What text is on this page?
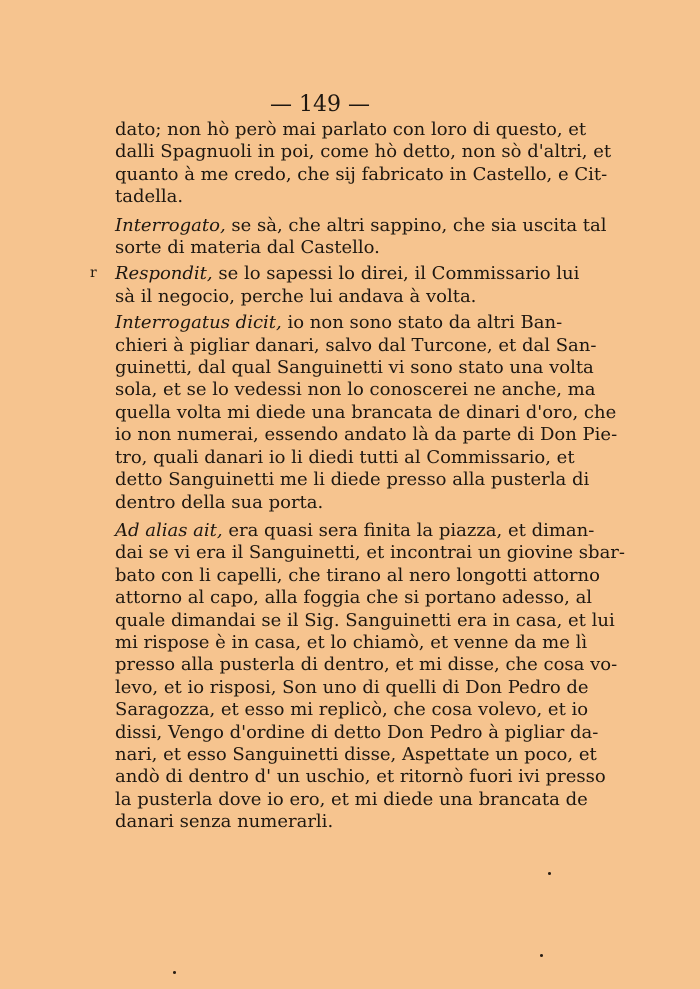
— 149 —
r
dato; non hò però mai parlato con loro di questo, et
dalli Spagnuoli in poi, come hò detto, non sò d'altri, et
quanto à me credo, che sij fabricato in Castello, e Cit-
tadella.
Interrogato, se sà, che altri sappino, che sia uscita tal
sorte di materia dal Castello.
Respondit, se lo sapessi lo direi, il Commissario lui
sà il negocio, perche lui andava à volta.
Interrogatus dicit, io non sono stato da altri Ban-
chieri à pigliar danari, salvo dal Turcone, et dal San-
guinetti, dal qual Sanguinetti vi sono stato una volta
sola, et se lo vedessi non lo conoscerei ne anche, ma
quella volta mi diede una brancata de dinari d'oro, che
io non numerai, essendo andato là da parte di Don Pie-
tro, quali danari io li diedi tutti al Commissario, et
detto Sanguinetti me li diede presso alla pusterla di
dentro della sua porta.
Ad alias ait, era quasi sera finita la piazza, et diman-
dai se vi era il Sanguinetti, et incontrai un giovine sbar-
bato con li capelli, che tirano al nero longotti attorno
attorno al capo, alla foggia che si portano adesso, al
quale dimandai se il Sig. Sanguinetti era in casa, et lui
mi rispose è in casa, et lo chiamò, et venne da me lì
presso alla pusterla di dentro, et mi disse, che cosa vo-
levo, et io risposi, Son uno di quelli di Don Pedro de
Saragozza, et esso mi replicò, che cosa volevo, et io
dissi, Vengo d'ordine di detto Don Pedro à pigliar da-
nari, et esso Sanguinetti disse, Aspettate un poco, et
andò di dentro d' un uschio, et ritornò fuori ivi presso
la pusterla dove io ero, et mi diede una brancata de
danari senza numerarli.
